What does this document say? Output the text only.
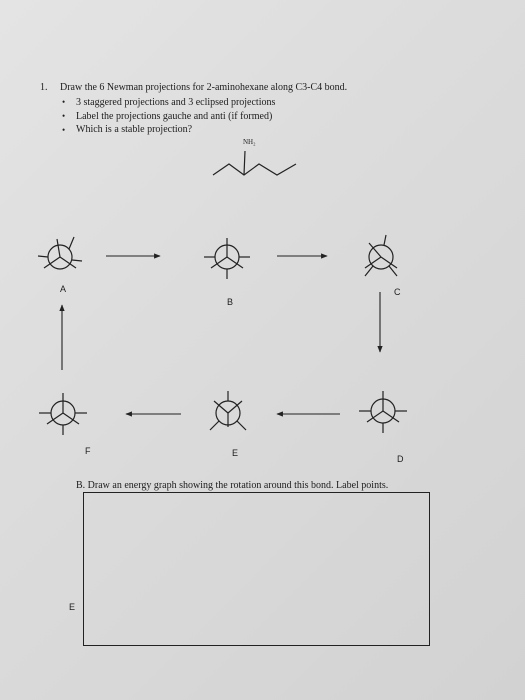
1. Draw the 6 Newman projections for 2-aminohexane along C3-C4 bond.
• 3 staggered projections and 3 eclipsed projections
• Label the projections gauche and anti (if formed)
• Which is a stable projection?
NH₂
A
B
C
D
E
F
B. Draw an energy graph showing the rotation around this bond. Label points.
E
